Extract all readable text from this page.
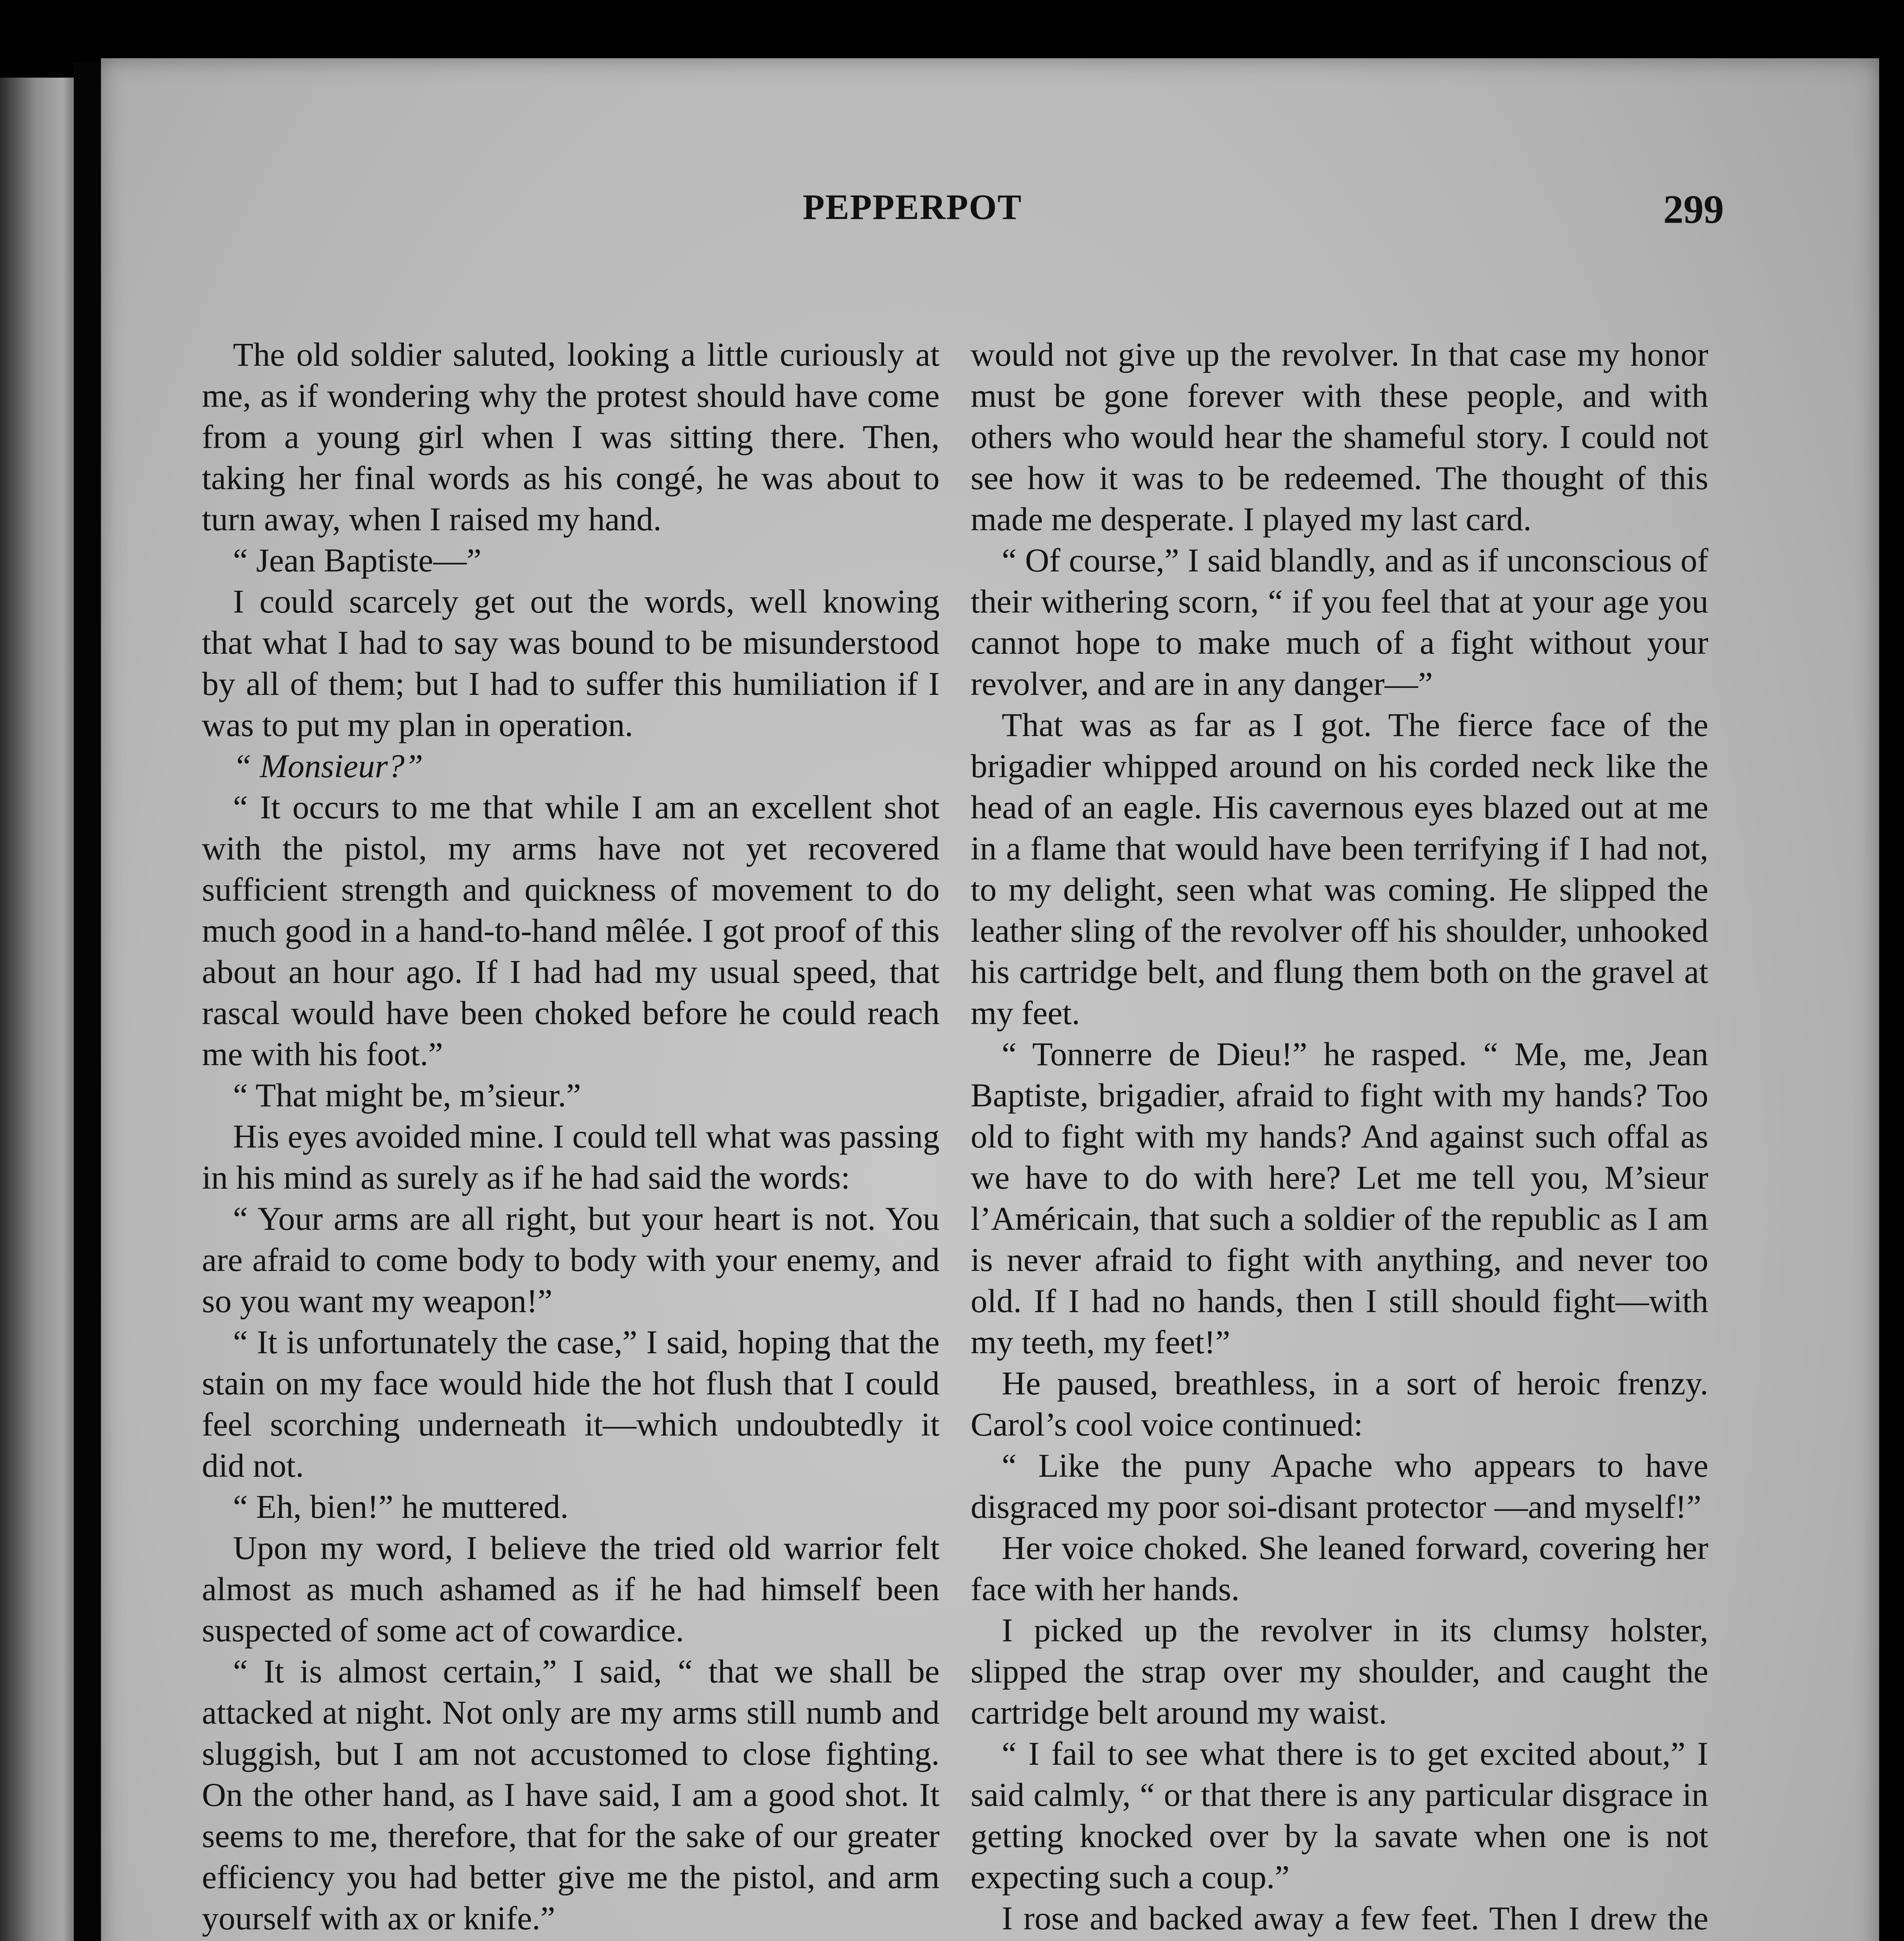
PEPPERPOT	299

The old soldier saluted, looking a little curiously at me, as if wondering why the protest should have come from a young girl when I was sitting there. Then, taking her final words as his congé, he was about to turn away, when I raised my hand.

“ Jean Baptiste—”

I could scarcely get out the words, well knowing that what I had to say was bound to be misunderstood by all of them; but I had to suffer this humiliation if I was to put my plan in operation.

“ Monsieur?”

“ It occurs to me that while I am an excellent shot with the pistol, my arms have not yet recovered sufficient strength and quickness of movement to do much good in a hand-to-hand mêlée. I got proof of this about an hour ago. If I had had my usual speed, that rascal would have been choked before he could reach me with his foot.”

“ That might be, m’sieur.”

His eyes avoided mine. I could tell what was passing in his mind as surely as if he had said the words:

“ Your arms are all right, but your heart is not. You are afraid to come body to body with your enemy, and so you want my weapon!”

“ It is unfortunately the case,” I said, hoping that the stain on my face would hide the hot flush that I could feel scorching underneath it—which undoubtedly it did not.

“ Eh, bien!” he muttered.

Upon my word, I believe the tried old warrior felt almost as much ashamed as if he had himself been suspected of some act of cowardice.

“ It is almost certain,” I said, “ that we shall be attacked at night. Not only are my arms still numb and sluggish, but I am not accustomed to close fighting. On the other hand, as I have said, I am a good shot. It seems to me, therefore, that for the sake of our greater efficiency you had better give me the pistol, and arm yourself with ax or knife.”

would not give up the revolver. In that case my honor must be gone forever with these people, and with others who would hear the shameful story. I could not see how it was to be redeemed. The thought of this made me desperate. I played my last card.

“ Of course,” I said blandly, and as if unconscious of their withering scorn, “ if you feel that at your age you cannot hope to make much of a fight without your revolver, and are in any danger—”

That was as far as I got. The fierce face of the brigadier whipped around on his corded neck like the head of an eagle. His cavernous eyes blazed out at me in a flame that would have been terrifying if I had not, to my delight, seen what was coming. He slipped the leather sling of the revolver off his shoulder, unhooked his cartridge belt, and flung them both on the gravel at my feet.

“ Tonnerre de Dieu!” he rasped. “ Me, me, Jean Baptiste, brigadier, afraid to fight with my hands? Too old to fight with my hands? And against such offal as we have to do with here? Let me tell you, M’sieur l’Américain, that such a soldier of the republic as I am is never afraid to fight with anything, and never too old. If I had no hands, then I still should fight—with my teeth, my feet!”

He paused, breathless, in a sort of heroic frenzy. Carol’s cool voice continued:

“ Like the puny Apache who appears to have disgraced my poor soi-disant protector —and myself!”

Her voice choked. She leaned forward, covering her face with her hands.

I picked up the revolver in its clumsy holster, slipped the strap over my shoulder, and caught the cartridge belt around my waist.

“ I fail to see what there is to get excited about,” I said calmly, “ or that there is any particular disgrace in getting knocked over by la savate when one is not expecting such a coup.”

I rose and backed away a few feet. Then I drew the
